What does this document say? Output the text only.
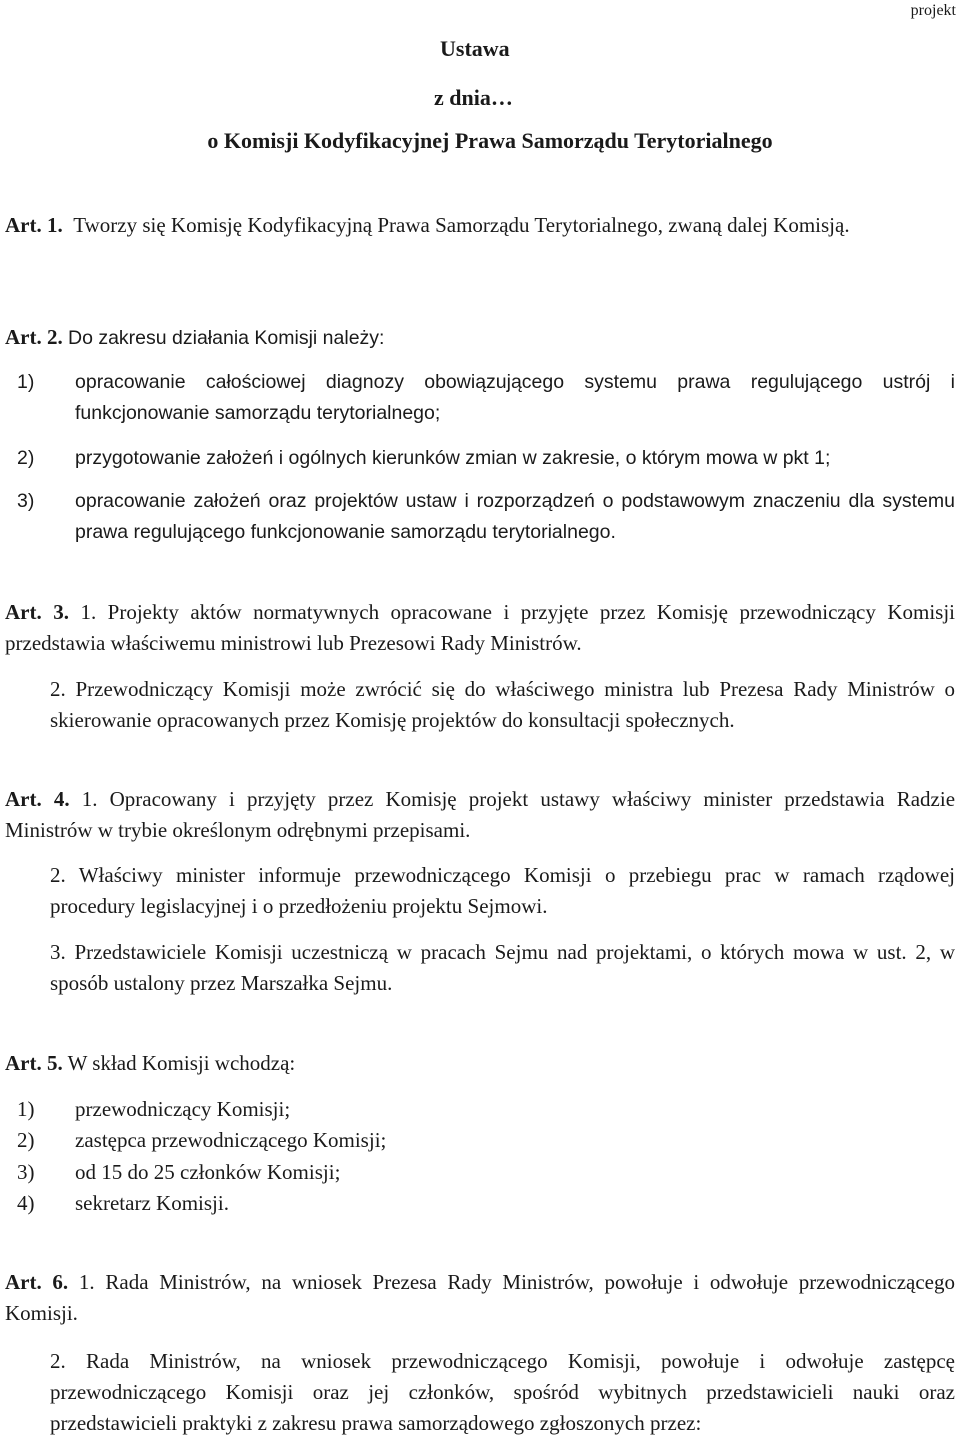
projekt
Ustawa
z dnia…
o Komisji Kodyfikacyjnej Prawa Samorządu Terytorialnego

Art. 1. Tworzy się Komisję Kodyfikacyjną Prawa Samorządu Terytorialnego, zwaną dalej Komisją.

Art. 2. Do zakresu działania Komisji należy:

1)	opracowanie całościowej diagnozy obowiązującego systemu prawa regulującego ustrój i funkcjonowanie samorządu terytorialnego;
2)	przygotowanie założeń i ogólnych kierunków zmian w zakresie, o którym mowa w pkt 1;
3)	opracowanie założeń oraz projektów ustaw i rozporządzeń o podstawowym znaczeniu dla systemu prawa regulującego funkcjonowanie samorządu terytorialnego.

Art. 3. 1. Projekty aktów normatywnych opracowane i przyjęte przez Komisję przewodniczący Komisji przedstawia właściwemu ministrowi lub Prezesowi Rady Ministrów.

2. Przewodniczący Komisji może zwrócić się do właściwego ministra lub Prezesa Rady Ministrów o skierowanie opracowanych przez Komisję projektów do konsultacji społecznych.

Art. 4. 1. Opracowany i przyjęty przez Komisję projekt ustawy właściwy minister przedstawia Radzie Ministrów w trybie określonym odrębnymi przepisami.

2. Właściwy minister informuje przewodniczącego Komisji o przebiegu prac w ramach rządowej procedury legislacyjnej i o przedłożeniu projektu Sejmowi.

3. Przedstawiciele Komisji uczestniczą w pracach Sejmu nad projektami, o których mowa w ust. 2, w sposób ustalony przez Marszałka Sejmu.

Art. 5. W skład Komisji wchodzą:

1)	przewodniczący Komisji;
2)	zastępca przewodniczącego Komisji;
3)	od 15 do 25 członków Komisji;
4)	sekretarz Komisji.

Art. 6. 1. Rada Ministrów, na wniosek Prezesa Rady Ministrów, powołuje i odwołuje przewodniczącego Komisji.

2. Rada Ministrów, na wniosek przewodniczącego Komisji, powołuje i odwołuje zastępcę przewodniczącego Komisji oraz jej członków, spośród wybitnych przedstawicieli nauki oraz przedstawicieli praktyki z zakresu prawa samorządowego zgłoszonych przez:
